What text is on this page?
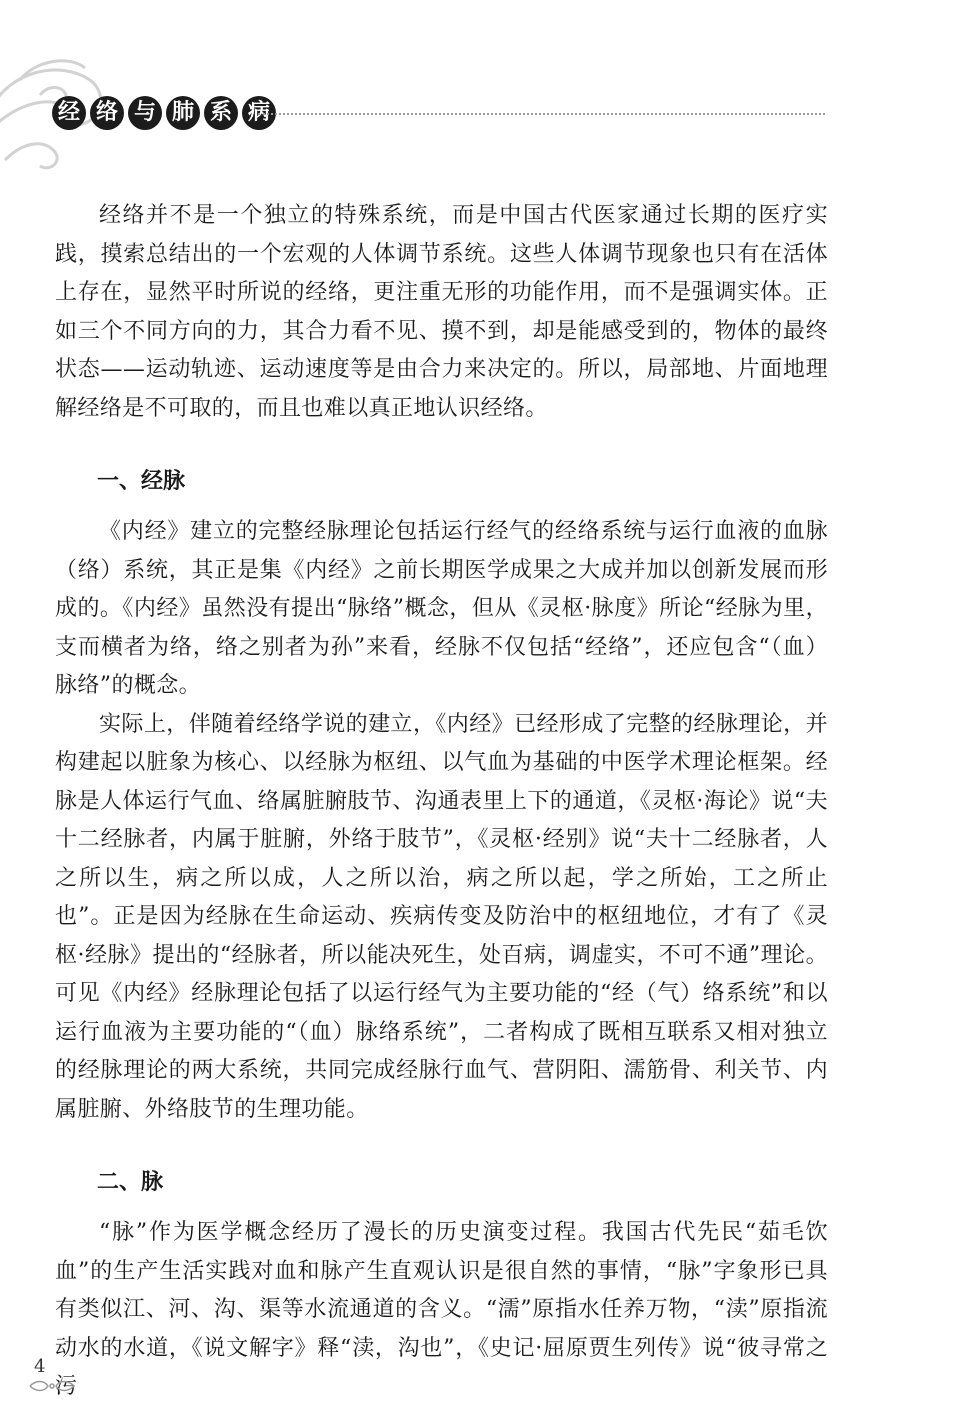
经 络 与 肺 系 病

经络并不是一个独立的特殊系统，而是中国古代医家通过长期的医疗实践，摸索总结出的一个宏观的人体调节系统。这些人体调节现象也只有在活体上存在，显然平时所说的经络，更注重无形的功能作用，而不是强调实体。正如三个不同方向的力，其合力看不见、摸不到，却是能感受到的，物体的最终状态——运动轨迹、运动速度等是由合力来决定的。所以，局部地、片面地理解经络是不可取的，而且也难以真正地认识经络。

一、经脉

《内经》建立的完整经脉理论包括运行经气的经络系统与运行血液的血脉（络）系统，其正是集《内经》之前长期医学成果之大成并加以创新发展而形成的。《内经》虽然没有提出“脉络”概念，但从《灵枢·脉度》所论“经脉为里，支而横者为络，络之别者为孙”来看，经脉不仅包括“经络”，还应包含“（血）脉络”的概念。

实际上，伴随着经络学说的建立，《内经》已经形成了完整的经脉理论，并构建起以脏象为核心、以经脉为枢纽、以气血为基础的中医学术理论框架。经脉是人体运行气血、络属脏腑肢节、沟通表里上下的通道，《灵枢·海论》说“夫十二经脉者，内属于脏腑，外络于肢节”，《灵枢·经别》说“夫十二经脉者，人之所以生，病之所以成，人之所以治，病之所以起，学之所始，工之所止也”。正是因为经脉在生命运动、疾病传变及防治中的枢纽地位，才有了《灵枢·经脉》提出的“经脉者，所以能决死生，处百病，调虚实，不可不通”理论。可见《内经》经脉理论包括了以运行经气为主要功能的“经（气）络系统”和以运行血液为主要功能的“（血）脉络系统”，二者构成了既相互联系又相对独立的经脉理论的两大系统，共同完成经脉行血气、营阴阳、濡筋骨、利关节、内属脏腑、外络肢节的生理功能。

二、脉

“脉”作为医学概念经历了漫长的历史演变过程。我国古代先民“茹毛饮血”的生产生活实践对血和脉产生直观认识是很自然的事情，“脉”字象形已具有类似江、河、沟、渠等水流通道的含义。“濡”原指水任养万物，“渎”原指流动水的水道，《说文解字》释“渎，沟也”，《史记·屈原贾生列传》说“彼寻常之污

4
